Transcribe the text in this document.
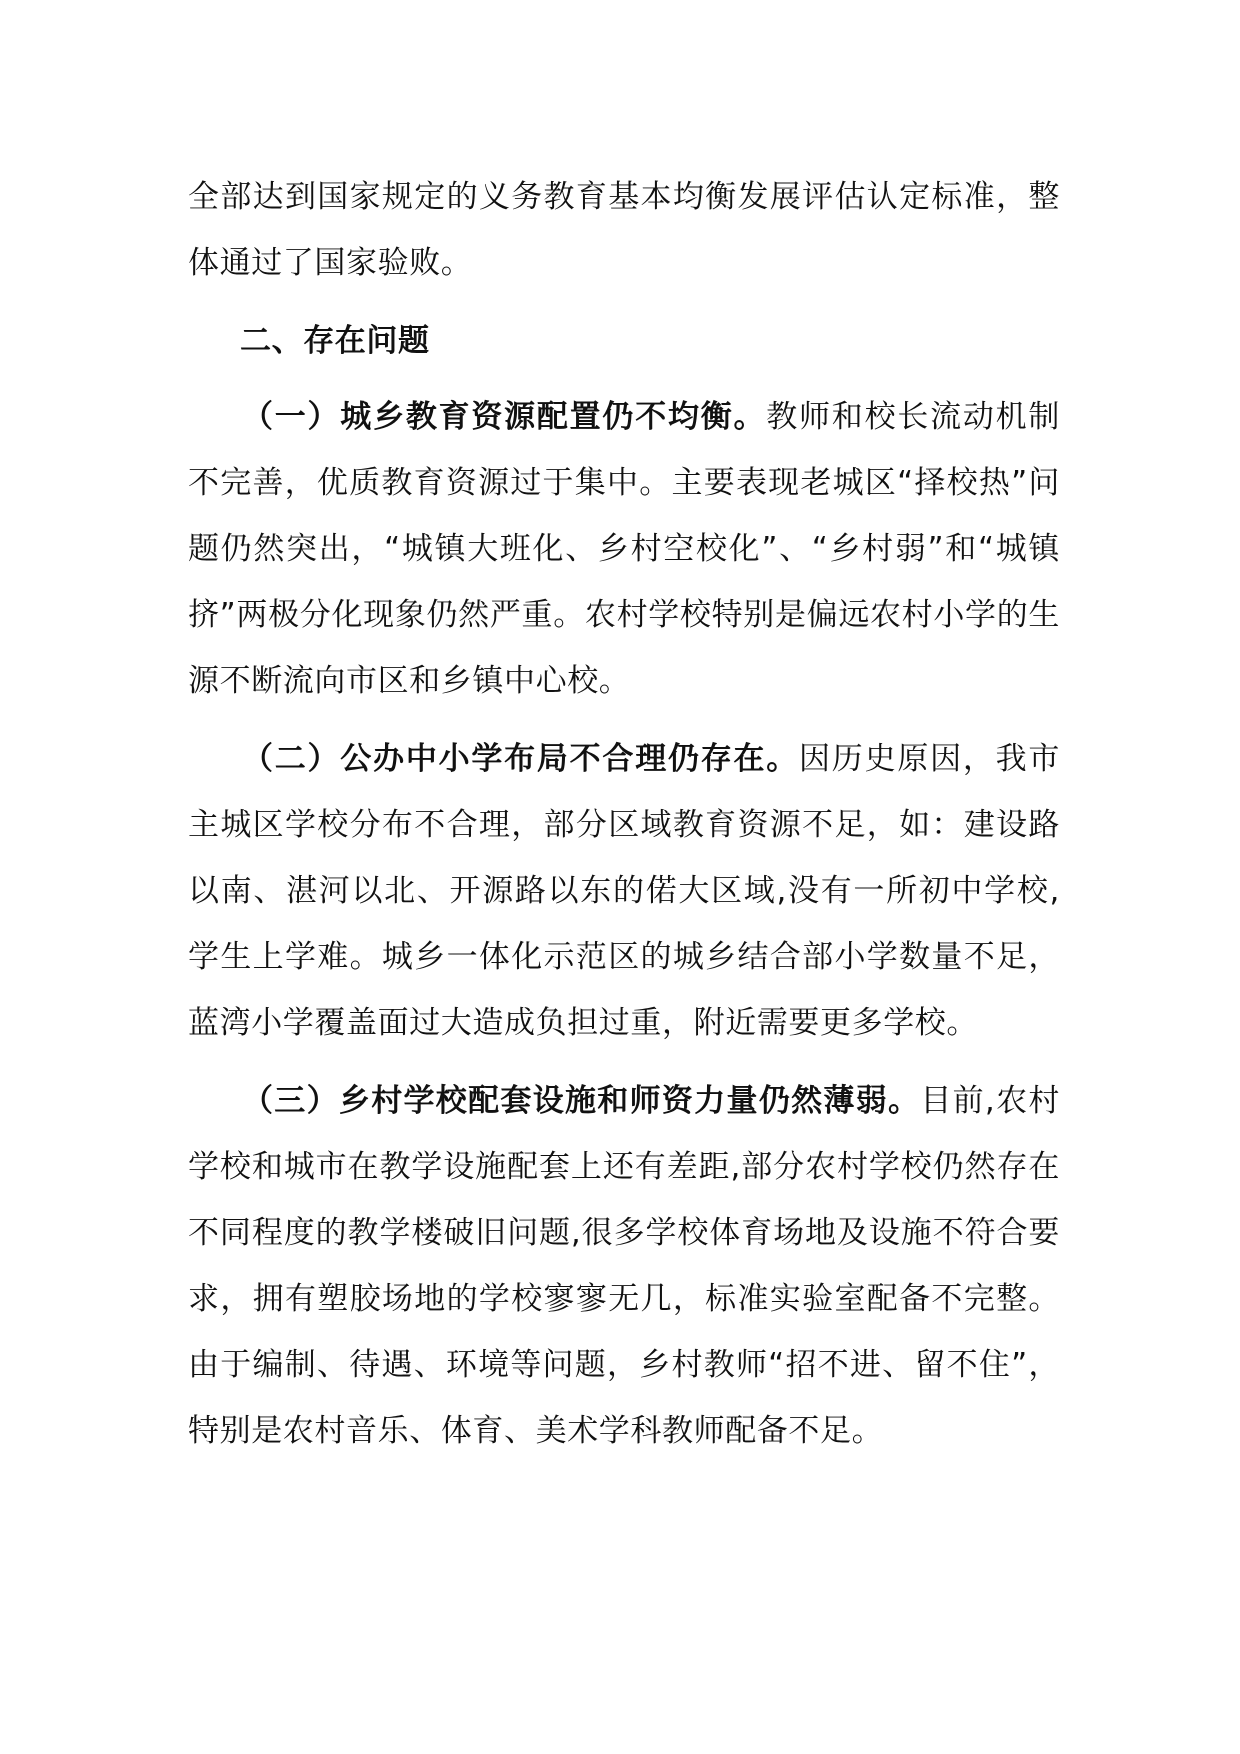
全部达到国家规定的义务教育基本均衡发展评估认定标准，整体通过了国家验败。

二、存在问题

（一）城乡教育资源配置仍不均衡。教师和校长流动机制不完善，优质教育资源过于集中。主要表现老城区“择校热”问题仍然突出，“城镇大班化、乡村空校化”、“乡村弱”和“城镇挤”两极分化现象仍然严重。农村学校特别是偏远农村小学的生源不断流向市区和乡镇中心校。

（二）公办中小学布局不合理仍存在。因历史原因，我市主城区学校分布不合理，部分区域教育资源不足，如：建设路以南、湛河以北、开源路以东的偌大区域,没有一所初中学校,学生上学难。城乡一体化示范区的城乡结合部小学数量不足，蓝湾小学覆盖面过大造成负担过重，附近需要更多学校。

（三）乡村学校配套设施和师资力量仍然薄弱。目前,农村学校和城市在教学设施配套上还有差距,部分农村学校仍然存在不同程度的教学楼破旧问题,很多学校体育场地及设施不符合要求，拥有塑胶场地的学校寥寥无几，标准实验室配备不完整。由于编制、待遇、环境等问题，乡村教师“招不进、留不住”，特别是农村音乐、体育、美术学科教师配备不足。
